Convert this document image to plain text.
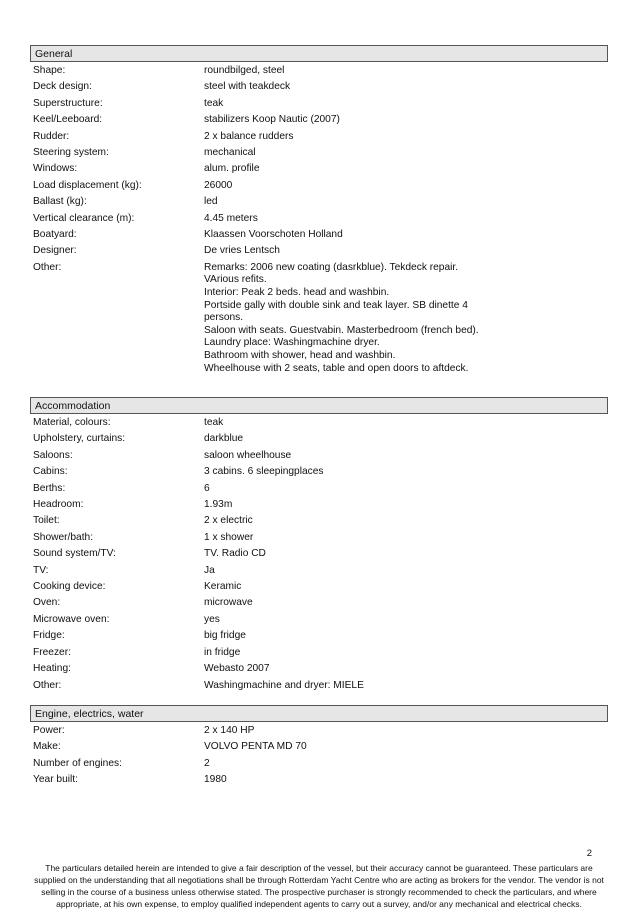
General
Shape:	roundbilged, steel
Deck design:	steel with teakdeck
Superstructure:	teak
Keel/Leeboard:	stabilizers Koop Nautic (2007)
Rudder:	2 x balance rudders
Steering system:	mechanical
Windows:	alum. profile
Load displacement (kg):	26000
Ballast (kg):	led
Vertical clearance (m):	4.45 meters
Boatyard:	Klaassen Voorschoten Holland
Designer:	De vries Lentsch
Other:	Remarks: 2006 new coating (dasrkblue). Tekdeck repair.
VArious refits.
Interior: Peak 2 beds. head and washbin.
Portside gally with double sink and teak layer. SB dinette 4
persons.
Saloon with seats. Guestvabin. Masterbedroom (french bed).
Laundry place: Washingmachine dryer.
Bathroom with shower, head and washbin.
Wheelhouse with 2 seats, table and open doors to aftdeck.
Accommodation
Material, colours:	teak
Upholstery, curtains:	darkblue
Saloons:	saloon wheelhouse
Cabins:	3 cabins. 6 sleepingplaces
Berths:	6
Headroom:	1.93m
Toilet:	2 x electric
Shower/bath:	1 x shower
Sound system/TV:	TV. Radio CD
TV:	Ja
Cooking device:	Keramic
Oven:	microwave
Microwave oven:	yes
Fridge:	big fridge
Freezer:	in fridge
Heating:	Webasto 2007
Other:	Washingmachine and dryer: MIELE
Engine, electrics, water
Power:	2 x 140 HP
Make:	VOLVO PENTA MD 70
Number of engines:	2
Year built:	1980
2
The particulars detailed herein are intended to give a fair description of the vessel, but their accuracy cannot be guaranteed. These particulars are
supplied on the understanding that all negotiations shall be through Rotterdam Yacht Centre who are acting as brokers for the vendor. The vendor is not
selling in the course of a business unless otherwise stated. The prospective purchaser is strongly recommended to check the particulars, and where
appropriate, at his own expense, to employ qualified independent agents to carry out a survey, and/or any mechanical and electrical checks.
